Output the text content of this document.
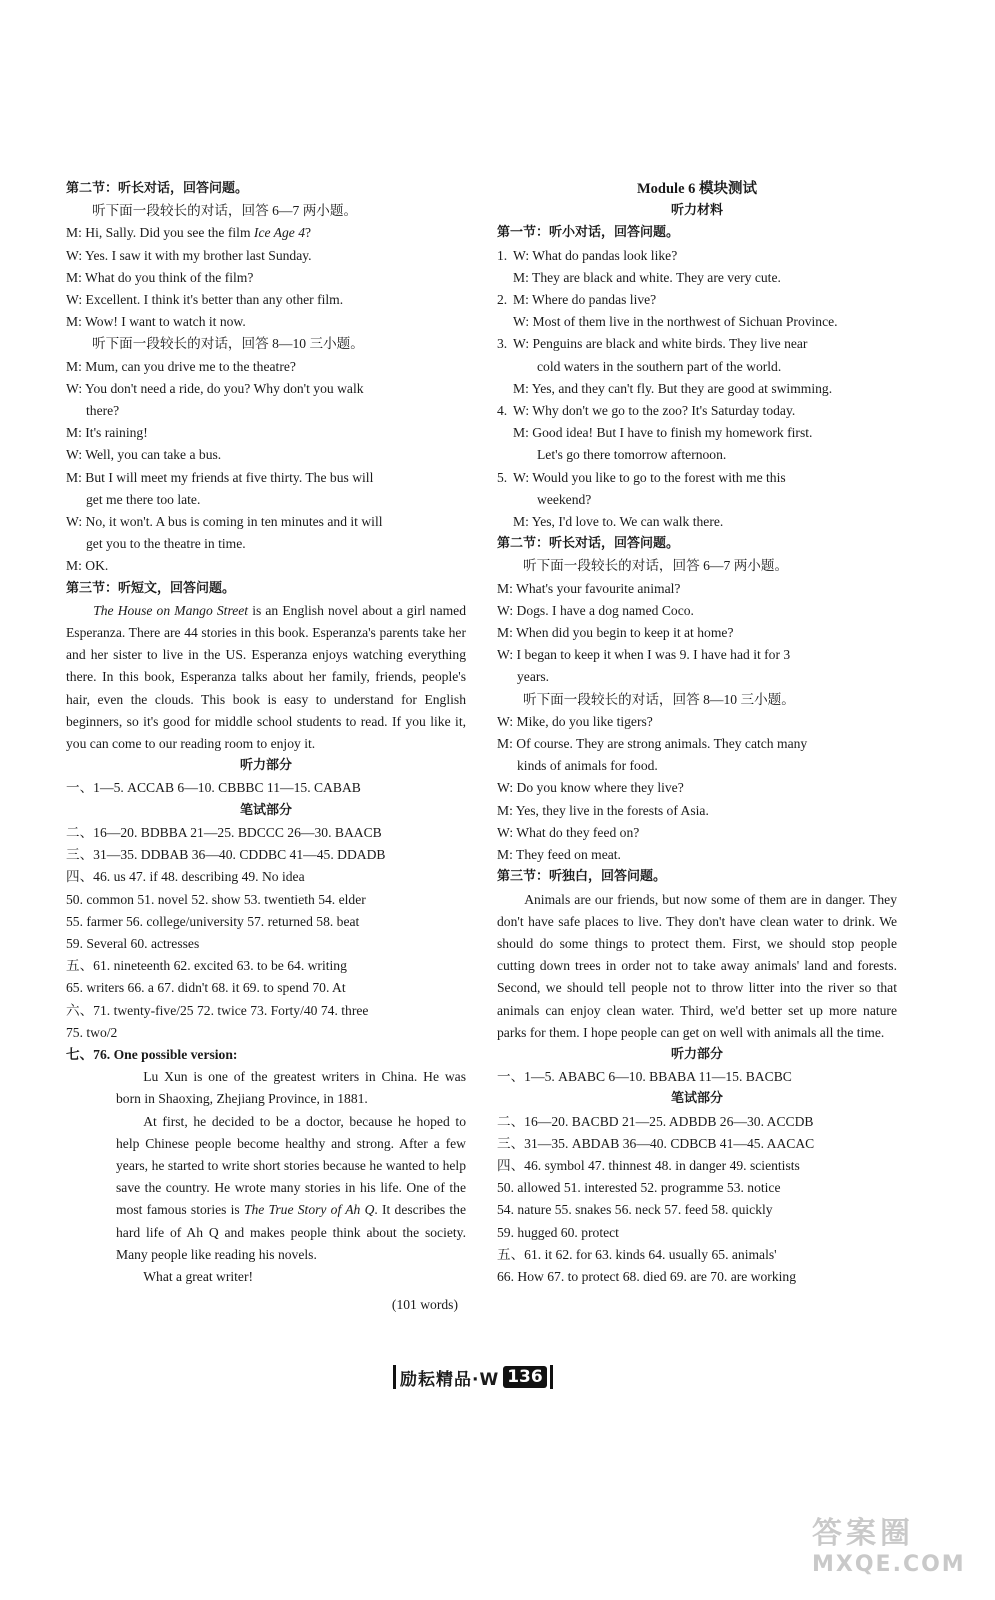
第二节：听长对话，回答问题。
听下面一段较长的对话，回答 6—7 两小题。
M: Hi, Sally. Did you see the film Ice Age 4?
W: Yes. I saw it with my brother last Sunday.
M: What do you think of the film?
W: Excellent. I think it's better than any other film.
M: Wow! I want to watch it now.
听下面一段较长的对话，回答 8—10 三小题。
M: Mum, can you drive me to the theatre?
W: You don't need a ride, do you? Why don't you walk
there?
M: It's raining!
W: Well, you can take a bus.
M: But I will meet my friends at five thirty. The bus will
get me there too late.
W: No, it won't. A bus is coming in ten minutes and it will
get you to the theatre in time.
M: OK.
第三节：听短文，回答问题。
The House on Mango Street is an English novel about a girl named Esperanza. There are 44 stories in this book. Esperanza's parents take her and her sister to live in the US. Esperanza enjoys watching everything there. In this book, Esperanza talks about her family, friends, people's hair, even the clouds. This book is easy to understand for English beginners, so it's good for middle school students to read. If you like it, you can come to our reading room to enjoy it.
听力部分
一、1—5. ACCAB 6—10. CBBBC 11—15. CABAB
笔试部分
二、16—20. BDBBA 21—25. BDCCC 26—30. BAACB
三、31—35. DDBAB 36—40. CDDBC 41—45. DDADB
四、46. us 47. if 48. describing 49. No idea
50. common 51. novel 52. show 53. twentieth 54. elder
55. farmer 56. college/university 57. returned 58. beat
59. Several 60. actresses
五、61. nineteenth 62. excited 63. to be 64. writing
65. writers 66. a 67. didn't 68. it 69. to spend 70. At
六、71. twenty-five/25 72. twice 73. Forty/40 74. three
75. two/2
七、76. One possible version:
Lu Xun is one of the greatest writers in China. He was born in Shaoxing, Zhejiang Province, in 1881.
At first, he decided to be a doctor, because he hoped to help Chinese people become healthy and strong. After a few years, he started to write short stories because he wanted to help save the country. He wrote many stories in his life. One of the most famous stories is The True Story of Ah Q. It describes the hard life of Ah Q and makes people think about the society. Many people like reading his novels.
What a great writer!
(101 words)
Module 6 模块测试
听力材料
第一节：听小对话，回答问题。
1. W: What do pandas look like?
M: They are black and white. They are very cute.
2. M: Where do pandas live?
W: Most of them live in the northwest of Sichuan Province.
3. W: Penguins are black and white birds. They live near
cold waters in the southern part of the world.
M: Yes, and they can't fly. But they are good at swimming.
4. W: Why don't we go to the zoo? It's Saturday today.
M: Good idea! But I have to finish my homework first.
Let's go there tomorrow afternoon.
5. W: Would you like to go to the forest with me this
weekend?
M: Yes, I'd love to. We can walk there.
第二节：听长对话，回答问题。
听下面一段较长的对话，回答 6—7 两小题。
M: What's your favourite animal?
W: Dogs. I have a dog named Coco.
M: When did you begin to keep it at home?
W: I began to keep it when I was 9. I have had it for 3
years.
听下面一段较长的对话，回答 8—10 三小题。
W: Mike, do you like tigers?
M: Of course. They are strong animals. They catch many
kinds of animals for food.
W: Do you know where they live?
M: Yes, they live in the forests of Asia.
W: What do they feed on?
M: They feed on meat.
第三节：听独白，回答问题。
Animals are our friends, but now some of them are in danger. They don't have safe places to live. They don't have clean water to drink. We should do some things to protect them. First, we should stop people cutting down trees in order not to take away animals' land and forests. Second, we should tell people not to throw litter into the river so that animals can enjoy clean water. Third, we'd better set up more nature parks for them. I hope people can get on well with animals all the time.
听力部分
一、1—5. ABABC 6—10. BBABA 11—15. BACBC
笔试部分
二、16—20. BACBD 21—25. ADBDB 26—30. ACCDB
三、31—35. ABDAB 36—40. CDBCB 41—45. AACAC
四、46. symbol 47. thinnest 48. in danger 49. scientists
50. allowed 51. interested 52. programme 53. notice
54. nature 55. snakes 56. neck 57. feed 58. quickly
59. hugged 60. protect
五、61. it 62. for 63. kinds 64. usually 65. animals'
66. How 67. to protect 68. died 69. are 70. are working
励耘精品·W 136
答案圈
MXQE.COM
